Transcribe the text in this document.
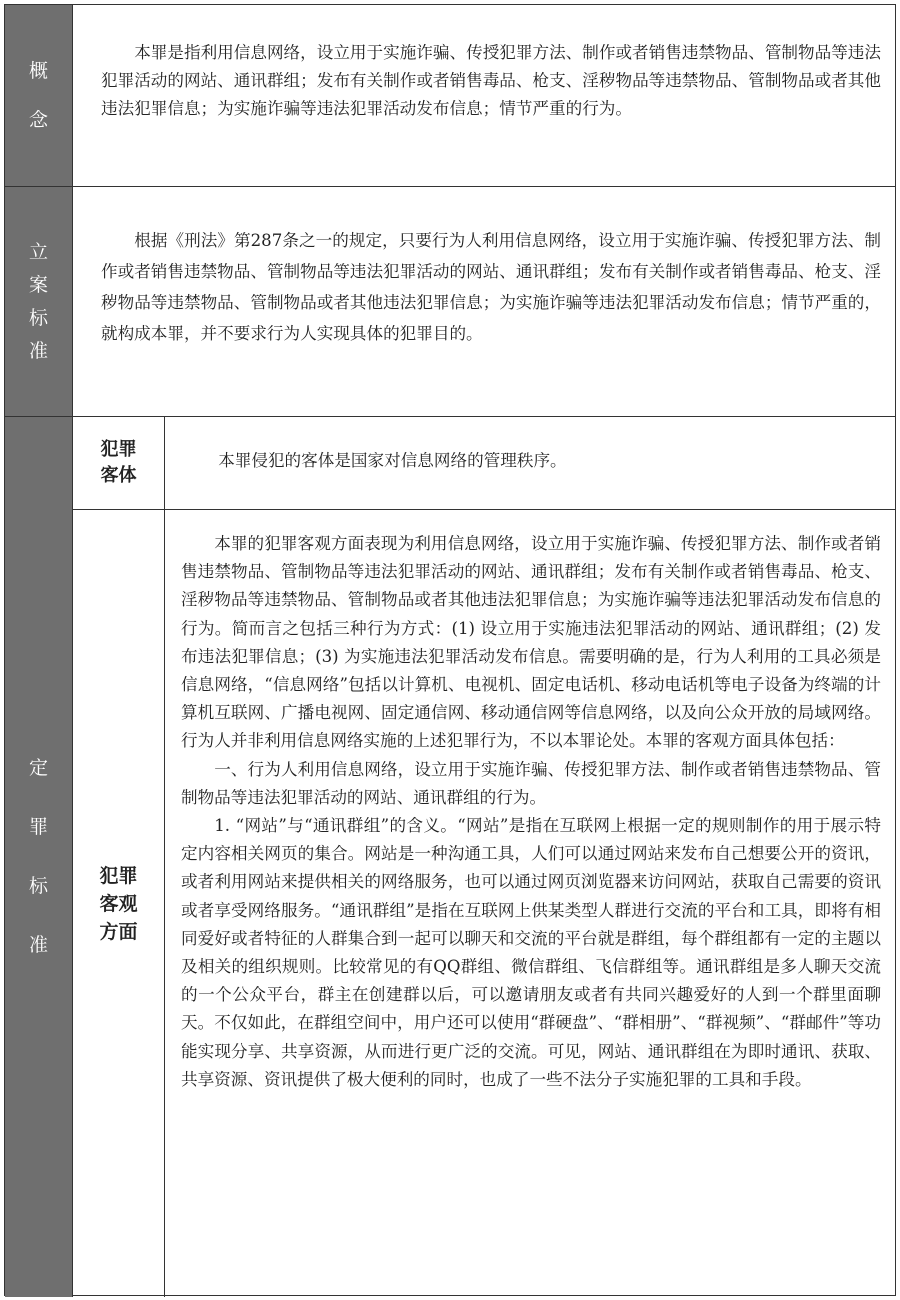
概
念

本罪是指利用信息网络，设立用于实施诈骗、传授犯罪方法、制作或者销售违禁物品、管制物品等违法犯罪活动的网站、通讯群组；发布有关制作或者销售毒品、枪支、淫秽物品等违禁物品、管制物品或者其他违法犯罪信息；为实施诈骗等违法犯罪活动发布信息；情节严重的行为。

立
案
标
准

根据《刑法》第287条之一的规定，只要行为人利用信息网络，设立用于实施诈骗、传授犯罪方法、制作或者销售违禁物品、管制物品等违法犯罪活动的网站、通讯群组；发布有关制作或者销售毒品、枪支、淫秽物品等违禁物品、管制物品或者其他违法犯罪信息；为实施诈骗等违法犯罪活动发布信息；情节严重的，就构成本罪，并不要求行为人实现具体的犯罪目的。

定
罪
标
准
犯罪
客体

本罪侵犯的客体是国家对信息网络的管理秩序。

犯罪
客观
方面

本罪的犯罪客观方面表现为利用信息网络，设立用于实施诈骗、传授犯罪方法、制作或者销售违禁物品、管制物品等违法犯罪活动的网站、通讯群组；发布有关制作或者销售毒品、枪支、淫秽物品等违禁物品、管制物品或者其他违法犯罪信息；为实施诈骗等违法犯罪活动发布信息的行为。简而言之包括三种行为方式：(1) 设立用于实施违法犯罪活动的网站、通讯群组；(2) 发布违法犯罪信息；(3) 为实施违法犯罪活动发布信息。需要明确的是，行为人利用的工具必须是信息网络，“信息网络”包括以计算机、电视机、固定电话机、移动电话机等电子设备为终端的计算机互联网、广播电视网、固定通信网、移动通信网等信息网络，以及向公众开放的局域网络。行为人并非利用信息网络实施的上述犯罪行为，不以本罪论处。本罪的客观方面具体包括：

一、行为人利用信息网络，设立用于实施诈骗、传授犯罪方法、制作或者销售违禁物品、管制物品等违法犯罪活动的网站、通讯群组的行为。

1. “网站”与“通讯群组”的含义。“网站”是指在互联网上根据一定的规则制作的用于展示特定内容相关网页的集合。网站是一种沟通工具，人们可以通过网站来发布自己想要公开的资讯，或者利用网站来提供相关的网络服务，也可以通过网页浏览器来访问网站，获取自己需要的资讯或者享受网络服务。“通讯群组”是指在互联网上供某类型人群进行交流的平台和工具，即将有相同爱好或者特征的人群集合到一起可以聊天和交流的平台就是群组，每个群组都有一定的主题以及相关的组织规则。比较常见的有QQ群组、微信群组、飞信群组等。通讯群组是多人聊天交流的一个公众平台，群主在创建群以后，可以邀请朋友或者有共同兴趣爱好的人到一个群里面聊天。不仅如此，在群组空间中，用户还可以使用“群硬盘”、“群相册”、“群视频”、“群邮件”等功能实现分享、共享资源，从而进行更广泛的交流。可见，网站、通讯群组在为即时通讯、获取、共享资源、资讯提供了极大便利的同时，也成了一些不法分子实施犯罪的工具和手段。
